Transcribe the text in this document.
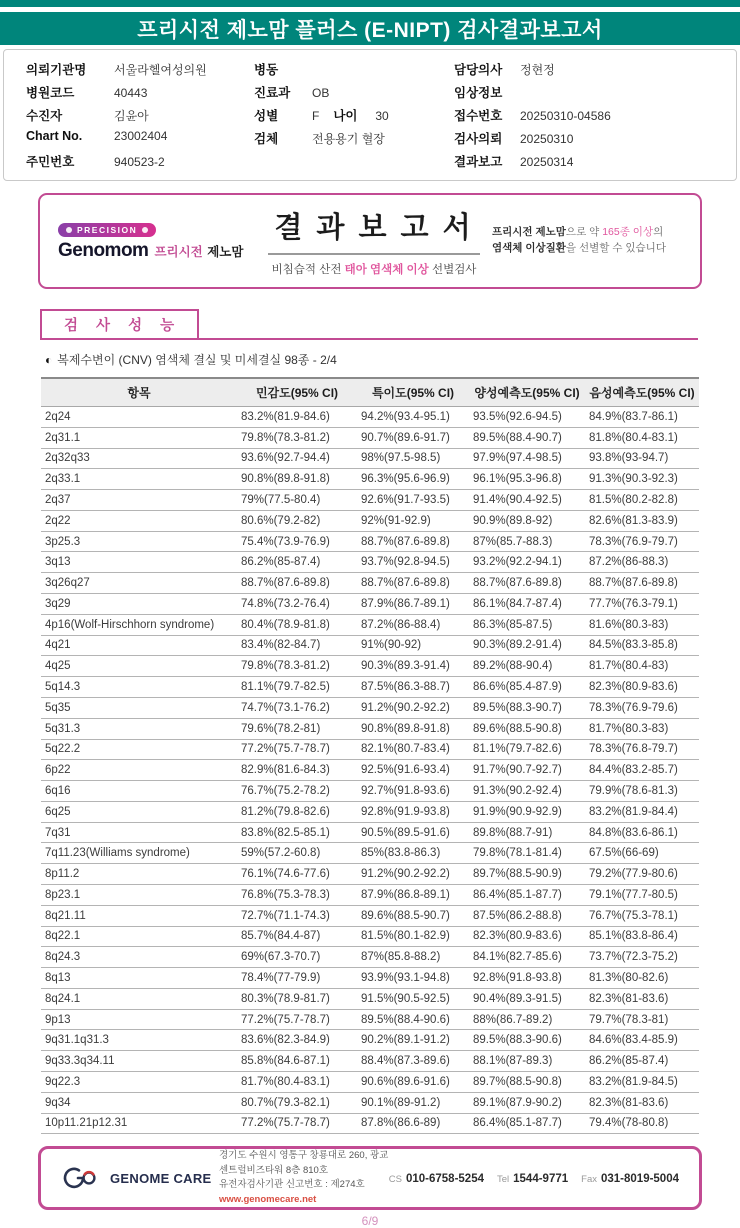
프리시전 제노맘 플러스 (E-NIPT) 검사결과보고서
의뢰기관명	서울라헬여성의원
병원코드	40443
수진자	김윤아
Chart No.	23002404
주민번호	940523-2
병동
진료과	OB
성별	F 나이	30
검체	전용용기 혈장
담당의사	정현정
임상정보
접수번호	20250310-04586
검사의뢰	20250310
결과보고	20250314
PRECISION
Genomom 프리시전 제노맘
결 과 보 고 서
비침습적 산전 태아 염색체 이상 선별검사
프리시전 제노맘으로 약 165종 이상의
염색체 이상질환을 선별할 수 있습니다
검 사 성 능
◐ 복제수변이 (CNV) 염색체 결실 및 미세결실 98종 - 2/4
항목	민감도(95% CI)	특이도(95% CI)	양성예측도(95% CI)	음성예측도(95% CI)
2q24	83.2%(81.9-84.6)	94.2%(93.4-95.1)	93.5%(92.6-94.5)	84.9%(83.7-86.1)
2q31.1	79.8%(78.3-81.2)	90.7%(89.6-91.7)	89.5%(88.4-90.7)	81.8%(80.4-83.1)
2q32q33	93.6%(92.7-94.4)	98%(97.5-98.5)	97.9%(97.4-98.5)	93.8%(93-94.7)
2q33.1	90.8%(89.8-91.8)	96.3%(95.6-96.9)	96.1%(95.3-96.8)	91.3%(90.3-92.3)
2q37	79%(77.5-80.4)	92.6%(91.7-93.5)	91.4%(90.4-92.5)	81.5%(80.2-82.8)
2q22	80.6%(79.2-82)	92%(91-92.9)	90.9%(89.8-92)	82.6%(81.3-83.9)
3p25.3	75.4%(73.9-76.9)	88.7%(87.6-89.8)	87%(85.7-88.3)	78.3%(76.9-79.7)
3q13	86.2%(85-87.4)	93.7%(92.8-94.5)	93.2%(92.2-94.1)	87.2%(86-88.3)
3q26q27	88.7%(87.6-89.8)	88.7%(87.6-89.8)	88.7%(87.6-89.8)	88.7%(87.6-89.8)
3q29	74.8%(73.2-76.4)	87.9%(86.7-89.1)	86.1%(84.7-87.4)	77.7%(76.3-79.1)
4p16(Wolf-Hirschhorn syndrome)	80.4%(78.9-81.8)	87.2%(86-88.4)	86.3%(85-87.5)	81.6%(80.3-83)
4q21	83.4%(82-84.7)	91%(90-92)	90.3%(89.2-91.4)	84.5%(83.3-85.8)
4q25	79.8%(78.3-81.2)	90.3%(89.3-91.4)	89.2%(88-90.4)	81.7%(80.4-83)
5q14.3	81.1%(79.7-82.5)	87.5%(86.3-88.7)	86.6%(85.4-87.9)	82.3%(80.9-83.6)
5q35	74.7%(73.1-76.2)	91.2%(90.2-92.2)	89.5%(88.3-90.7)	78.3%(76.9-79.6)
5q31.3	79.6%(78.2-81)	90.8%(89.8-91.8)	89.6%(88.5-90.8)	81.7%(80.3-83)
5q22.2	77.2%(75.7-78.7)	82.1%(80.7-83.4)	81.1%(79.7-82.6)	78.3%(76.8-79.7)
6p22	82.9%(81.6-84.3)	92.5%(91.6-93.4)	91.7%(90.7-92.7)	84.4%(83.2-85.7)
6q16	76.7%(75.2-78.2)	92.7%(91.8-93.6)	91.3%(90.2-92.4)	79.9%(78.6-81.3)
6q25	81.2%(79.8-82.6)	92.8%(91.9-93.8)	91.9%(90.9-92.9)	83.2%(81.9-84.4)
7q31	83.8%(82.5-85.1)	90.5%(89.5-91.6)	89.8%(88.7-91)	84.8%(83.6-86.1)
7q11.23(Williams syndrome)	59%(57.2-60.8)	85%(83.8-86.3)	79.8%(78.1-81.4)	67.5%(66-69)
8p11.2	76.1%(74.6-77.6)	91.2%(90.2-92.2)	89.7%(88.5-90.9)	79.2%(77.9-80.6)
8p23.1	76.8%(75.3-78.3)	87.9%(86.8-89.1)	86.4%(85.1-87.7)	79.1%(77.7-80.5)
8q21.11	72.7%(71.1-74.3)	89.6%(88.5-90.7)	87.5%(86.2-88.8)	76.7%(75.3-78.1)
8q22.1	85.7%(84.4-87)	81.5%(80.1-82.9)	82.3%(80.9-83.6)	85.1%(83.8-86.4)
8q24.3	69%(67.3-70.7)	87%(85.8-88.2)	84.1%(82.7-85.6)	73.7%(72.3-75.2)
8q13	78.4%(77-79.9)	93.9%(93.1-94.8)	92.8%(91.8-93.8)	81.3%(80-82.6)
8q24.1	80.3%(78.9-81.7)	91.5%(90.5-92.5)	90.4%(89.3-91.5)	82.3%(81-83.6)
9p13	77.2%(75.7-78.7)	89.5%(88.4-90.6)	88%(86.7-89.2)	79.7%(78.3-81)
9q31.1q31.3	83.6%(82.3-84.9)	90.2%(89.1-91.2)	89.5%(88.3-90.6)	84.6%(83.4-85.9)
9q33.3q34.11	85.8%(84.6-87.1)	88.4%(87.3-89.6)	88.1%(87-89.3)	86.2%(85-87.4)
9q22.3	81.7%(80.4-83.1)	90.6%(89.6-91.6)	89.7%(88.5-90.8)	83.2%(81.9-84.5)
9q34	80.7%(79.3-82.1)	90.1%(89-91.2)	89.1%(87.9-90.2)	82.3%(81-83.6)
10p11.21p12.31	77.2%(75.7-78.7)	87.8%(86.6-89)	86.4%(85.1-87.7)	79.4%(78-80.8)
GENOME CARE
경기도 수원시 영통구 창룡대로 260, 광교 센트럴비즈타워 8층 810호
유전자검사기관 신고번호 : 제274호
www.genomecare.net
CS 010-6758-5254 Tel 1544-9771 Fax 031-8019-5004
6/9
